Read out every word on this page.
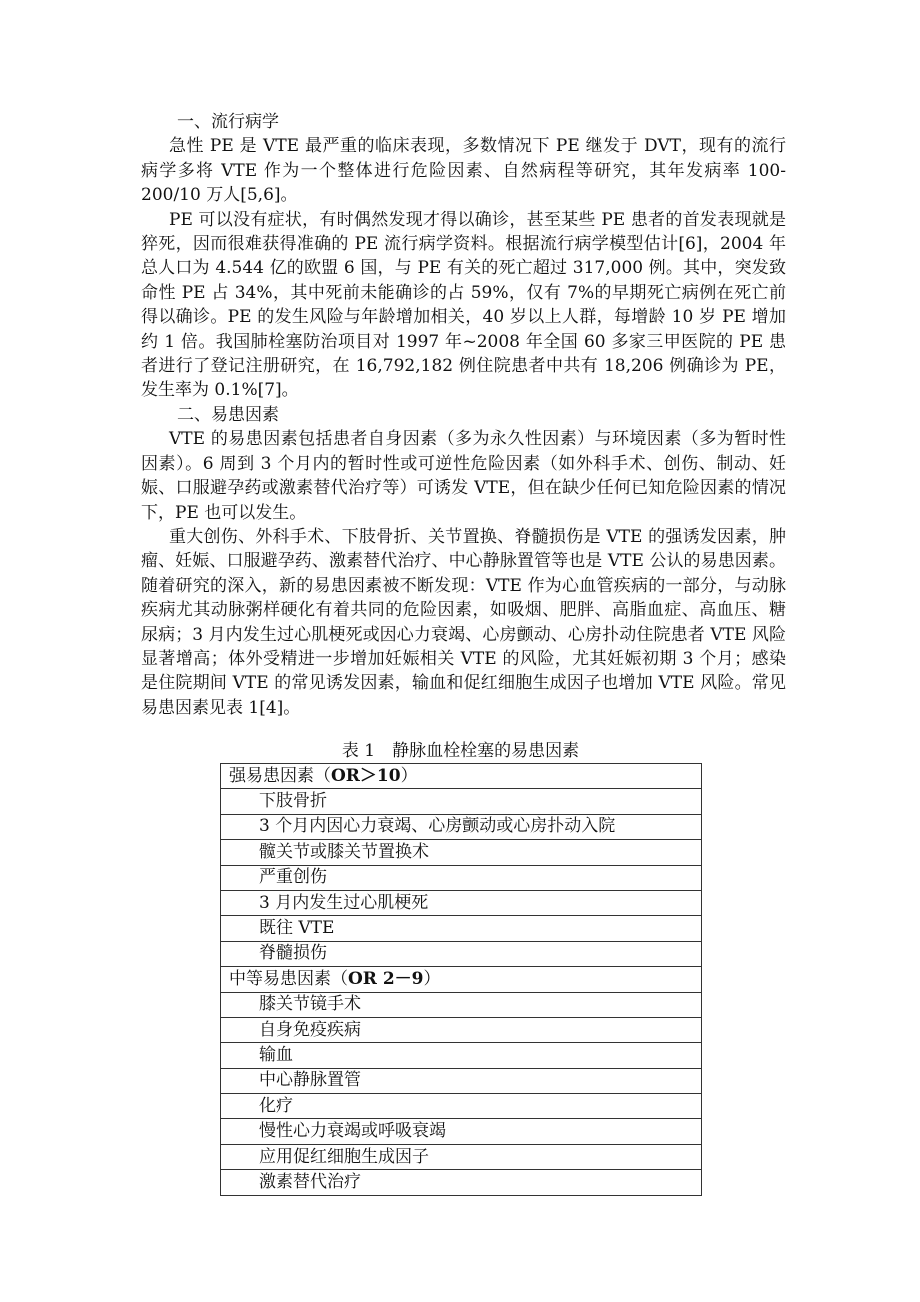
一、流行病学

急性 PE 是 VTE 最严重的临床表现，多数情况下 PE 继发于 DVT，现有的流行病学多将 VTE 作为一个整体进行危险因素、自然病程等研究，其年发病率 100-200/10 万人[5,6]。

PE 可以没有症状，有时偶然发现才得以确诊，甚至某些 PE 患者的首发表现就是猝死，因而很难获得准确的 PE 流行病学资料。根据流行病学模型估计[6]，2004 年总人口为 4.544 亿的欧盟 6 国，与 PE 有关的死亡超过 317,000 例。其中，突发致命性 PE 占 34%，其中死前未能确诊的占 59%，仅有 7%的早期死亡病例在死亡前得以确诊。PE 的发生风险与年龄增加相关，40 岁以上人群，每增龄 10 岁 PE 增加约 1 倍。我国肺栓塞防治项目对 1997 年~2008 年全国 60 多家三甲医院的 PE 患者进行了登记注册研究，在 16,792,182 例住院患者中共有 18,206 例确诊为 PE，发生率为 0.1%[7]。

二、易患因素

VTE 的易患因素包括患者自身因素（多为永久性因素）与环境因素（多为暂时性因素）。6 周到 3 个月内的暂时性或可逆性危险因素（如外科手术、创伤、制动、妊娠、口服避孕药或激素替代治疗等）可诱发 VTE，但在缺少任何已知危险因素的情况下，PE 也可以发生。

重大创伤、外科手术、下肢骨折、关节置换、脊髓损伤是 VTE 的强诱发因素，肿瘤、妊娠、口服避孕药、激素替代治疗、中心静脉置管等也是 VTE 公认的易患因素。随着研究的深入，新的易患因素被不断发现：VTE 作为心血管疾病的一部分，与动脉疾病尤其动脉粥样硬化有着共同的危险因素，如吸烟、肥胖、高脂血症、高血压、糖尿病；3 月内发生过心肌梗死或因心力衰竭、心房颤动、心房扑动住院患者 VTE 风险显著增高；体外受精进一步增加妊娠相关 VTE 的风险，尤其妊娠初期 3 个月；感染是住院期间 VTE 的常见诱发因素，输血和促红细胞生成因子也增加 VTE 风险。常见易患因素见表 1[4]。

表 1　静脉血栓栓塞的易患因素
强易患因素（OR＞10）
下肢骨折
3 个月内因心力衰竭、心房颤动或心房扑动入院
髋关节或膝关节置换术
严重创伤
3 月内发生过心肌梗死
既往 VTE
脊髓损伤
中等易患因素（OR 2－9）
膝关节镜手术
自身免疫疾病
输血
中心静脉置管
化疗
慢性心力衰竭或呼吸衰竭
应用促红细胞生成因子
激素替代治疗
